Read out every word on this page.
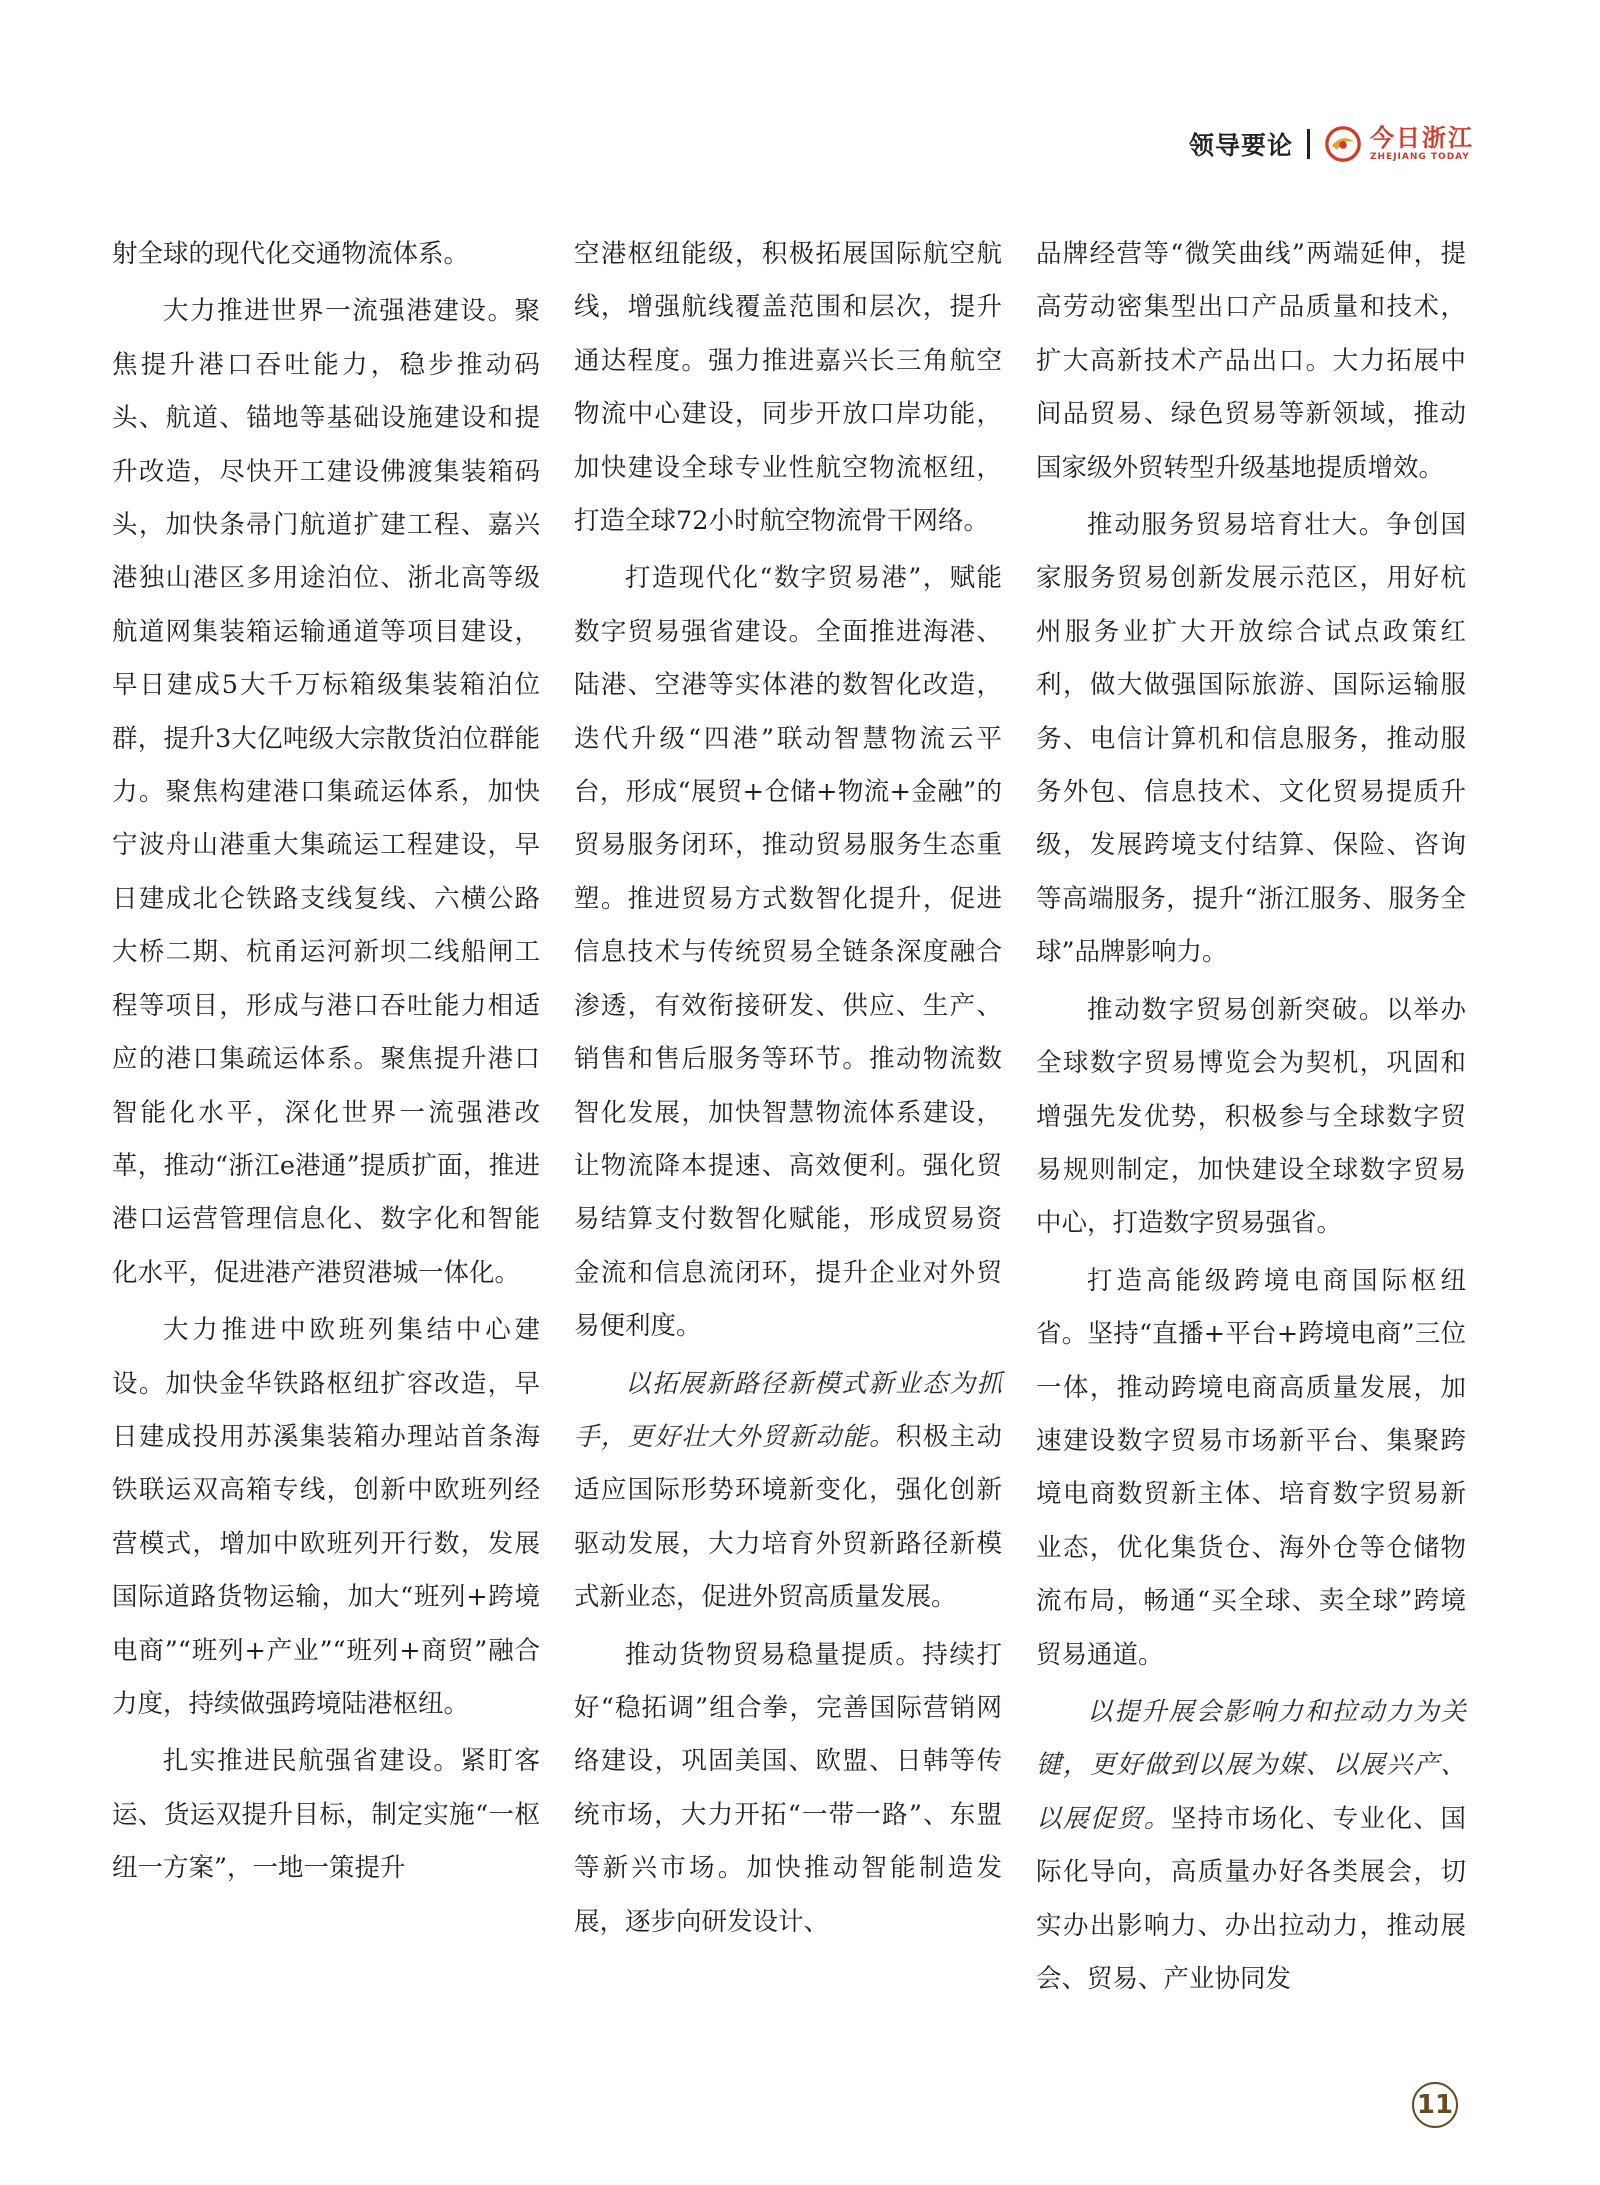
领导要论	今日浙江
ZHEJIANG TODAY

射全球的现代化交通物流体系。

大力推进世界一流强港建设。聚焦提升港口吞吐能力，稳步推动码头、航道、锚地等基础设施建设和提升改造，尽快开工建设佛渡集装箱码头，加快条帚门航道扩建工程、嘉兴港独山港区多用途泊位、浙北高等级航道网集装箱运输通道等项目建设，早日建成5大千万标箱级集装箱泊位群，提升3大亿吨级大宗散货泊位群能力。聚焦构建港口集疏运体系，加快宁波舟山港重大集疏运工程建设，早日建成北仑铁路支线复线、六横公路大桥二期、杭甬运河新坝二线船闸工程等项目，形成与港口吞吐能力相适应的港口集疏运体系。聚焦提升港口智能化水平，深化世界一流强港改革，推动“浙江e港通”提质扩面，推进港口运营管理信息化、数字化和智能化水平，促进港产港贸港城一体化。

大力推进中欧班列集结中心建设。加快金华铁路枢纽扩容改造，早日建成投用苏溪集装箱办理站首条海铁联运双高箱专线，创新中欧班列经营模式，增加中欧班列开行数，发展国际道路货物运输，加大“班列+跨境电商”“班列+产业”“班列+商贸”融合力度，持续做强跨境陆港枢纽。

扎实推进民航强省建设。紧盯客运、货运双提升目标，制定实施“一枢纽一方案”，一地一策提升

空港枢纽能级，积极拓展国际航空航线，增强航线覆盖范围和层次，提升通达程度。强力推进嘉兴长三角航空物流中心建设，同步开放口岸功能，加快建设全球专业性航空物流枢纽，打造全球72小时航空物流骨干网络。

打造现代化“数字贸易港”，赋能数字贸易强省建设。全面推进海港、陆港、空港等实体港的数智化改造，迭代升级“四港”联动智慧物流云平台，形成“展贸+仓储+物流+金融”的贸易服务闭环，推动贸易服务生态重塑。推进贸易方式数智化提升，促进信息技术与传统贸易全链条深度融合渗透，有效衔接研发、供应、生产、销售和售后服务等环节。推动物流数智化发展，加快智慧物流体系建设，让物流降本提速、高效便利。强化贸易结算支付数智化赋能，形成贸易资金流和信息流闭环，提升企业对外贸易便利度。

以拓展新路径新模式新业态为抓手，更好壮大外贸新动能。积极主动适应国际形势环境新变化，强化创新驱动发展，大力培育外贸新路径新模式新业态，促进外贸高质量发展。

推动货物贸易稳量提质。持续打好“稳拓调”组合拳，完善国际营销网络建设，巩固美国、欧盟、日韩等传统市场，大力开拓“一带一路”、东盟等新兴市场。加快推动智能制造发展，逐步向研发设计、

品牌经营等“微笑曲线”两端延伸，提高劳动密集型出口产品质量和技术，扩大高新技术产品出口。大力拓展中间品贸易、绿色贸易等新领域，推动国家级外贸转型升级基地提质增效。

推动服务贸易培育壮大。争创国家服务贸易创新发展示范区，用好杭州服务业扩大开放综合试点政策红利，做大做强国际旅游、国际运输服务、电信计算机和信息服务，推动服务外包、信息技术、文化贸易提质升级，发展跨境支付结算、保险、咨询等高端服务，提升“浙江服务、服务全球”品牌影响力。

推动数字贸易创新突破。以举办全球数字贸易博览会为契机，巩固和增强先发优势，积极参与全球数字贸易规则制定，加快建设全球数字贸易中心，打造数字贸易强省。

打造高能级跨境电商国际枢纽省。坚持“直播+平台+跨境电商”三位一体，推动跨境电商高质量发展，加速建设数字贸易市场新平台、集聚跨境电商数贸新主体、培育数字贸易新业态，优化集货仓、海外仓等仓储物流布局，畅通“买全球、卖全球”跨境贸易通道。

以提升展会影响力和拉动力为关键，更好做到以展为媒、以展兴产、以展促贸。坚持市场化、专业化、国际化导向，高质量办好各类展会，切实办出影响力、办出拉动力，推动展会、贸易、产业协同发

11
